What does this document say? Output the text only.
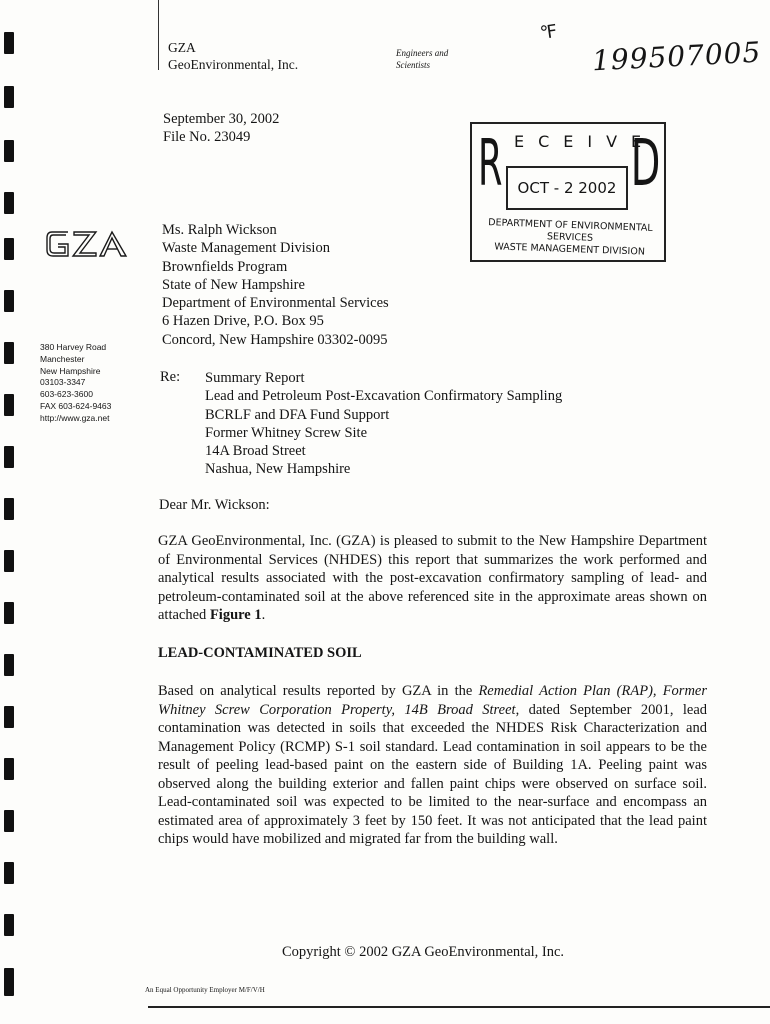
GZA
GeoEnvironmental, Inc.
Engineers and
Scientists
℉
199507005
September 30, 2002
File No. 23049	R ECEIVE
D
OCT - 2 2002
DEPARTMENT OF ENVIRONMENTAL SERVICES
WASTE MANAGEMENT DIVISION
380 Harvey Road
Manchester
New Hampshire
03103-3347
603-623-3600
FAX 603-624-9463
http://www.gza.net
Ms. Ralph Wickson
Waste Management Division
Brownfields Program
State of New Hampshire
Department of Environmental Services
6 Hazen Drive, P.O. Box 95
Concord, New Hampshire 03302-0095
Re: Summary Report
Lead and Petroleum Post-Excavation Confirmatory Sampling
BCRLF and DFA Fund Support
Former Whitney Screw Site
14A Broad Street
Nashua, New Hampshire
Dear Mr. Wickson:
GZA GeoEnvironmental, Inc. (GZA) is pleased to submit to the New Hampshire Department of Environmental Services (NHDES) this report that summarizes the work performed and analytical results associated with the post-excavation confirmatory sampling of lead- and petroleum-contaminated soil at the above referenced site in the approximate areas shown on attached Figure 1.
LEAD-CONTAMINATED SOIL
Based on analytical results reported by GZA in the Remedial Action Plan (RAP), Former Whitney Screw Corporation Property, 14B Broad Street, dated September 2001, lead contamination was detected in soils that exceeded the NHDES Risk Characterization and Management Policy (RCMP) S-1 soil standard. Lead contamination in soil appears to be the result of peeling lead-based paint on the eastern side of Building 1A. Peeling paint was observed along the building exterior and fallen paint chips were observed on surface soil. Lead-contaminated soil was expected to be limited to the near-surface and encompass an estimated area of approximately 3 feet by 150 feet. It was not anticipated that the lead paint chips would have mobilized and migrated far from the building wall.
Copyright © 2002 GZA GeoEnvironmental, Inc.
An Equal Opportunity Employer M/F/V/H
